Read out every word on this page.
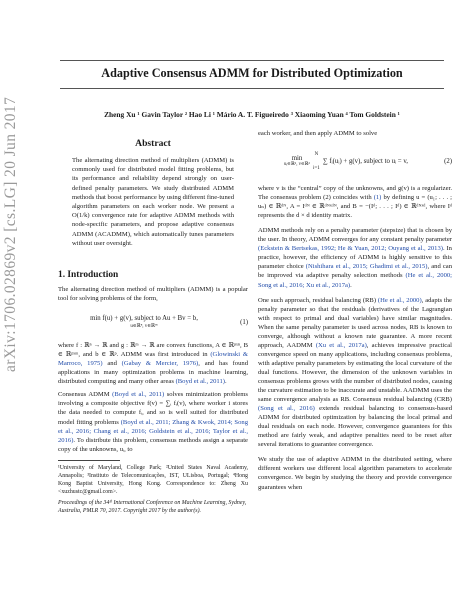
arXiv:1706.02869v2 [cs.LG] 20 Jun 2017
Adaptive Consensus ADMM for Distributed Optimization
Zheng Xu ¹ Gavin Taylor ² Hao Li ¹ Mário A. T. Figueiredo ³ Xiaoming Yuan ⁴ Tom Goldstein ¹
Abstract
The alternating direction method of multipliers (ADMM) is commonly used for distributed model fitting problems, but its performance and reliability depend strongly on user-defined penalty parameters. We study distributed ADMM methods that boost performance by using different fine-tuned algorithm parameters on each worker node. We present a O(1/k) convergence rate for adaptive ADMM methods with node-specific parameters, and propose adaptive consensus ADMM (ACADMM), which automatically tunes parameters without user oversight.
1. Introduction

The alternating direction method of multipliers (ADMM) is a popular tool for solving problems of the form,

min f(u) + g(v), subject to Au + Bv = b,
u∈ℝⁿ, v∈ℝᵐ
(1)

where f : ℝⁿ → ℝ and g : ℝᵐ → ℝ are convex functions, A ∈ ℝᵖˣⁿ, B ∈ ℝᵖˣᵐ, and b ∈ ℝᵖ. ADMM was first introduced in (Glowinski & Marroco, 1975) and (Gabay & Mercier, 1976), and has found applications in many optimization problems in machine learning, distributed computing and many other areas (Boyd et al., 2011).

Consensus ADMM (Boyd et al., 2011) solves minimization problems involving a composite objective f(v) = ∑ᵢ fᵢ(v), where worker i stores the data needed to compute fᵢ, and so is well suited for distributed model fitting problems (Boyd et al., 2011; Zhang & Kwok, 2014; Song et al., 2016; Chang et al., 2016; Goldstein et al., 2016; Taylor et al., 2016). To distribute this problem, consensus methods assign a separate copy of the unknowns, uᵢ, to

¹University of Maryland, College Park; ²United States Naval Academy, Annapolis; ³Instituto de Telecomunicações, IST, ULisboa, Portugal; ⁴Hong Kong Baptist University, Hong Kong. Correspondence to: Zheng Xu <xuzhustc@gmail.com>.
Proceedings of the 34ᵗʰ International Conference on Machine Learning, Sydney, Australia, PMLR 70, 2017. Copyright 2017 by the author(s).

each worker, and then apply ADMM to solve

min
uᵢ∈ℝᵈ, v∈ℝᵈ
N
i=1
∑ fᵢ(uᵢ) + g(v), subject to uᵢ = v,	(2)

where v is the “central” copy of the unknowns, and g(v) is a regularizer. The consensus problem (2) coincides with (1) by defining u = (u₁; . . . ; uₙ) ∈ ℝᵈᴺ, A = Iᵈᴺ ∈ ℝᵈᴺˣᵈᴺ, and B = −(Iᵈ; . . . ; Iᵈ) ∈ ℝᵈᴺˣᵈ, where Iᵈ represents the d × d identity matrix.

ADMM methods rely on a penalty parameter (stepsize) that is chosen by the user. In theory, ADMM converges for any constant penalty parameter (Eckstein & Bertsekas, 1992; He & Yuan, 2012; Ouyang et al., 2013). In practice, however, the efficiency of ADMM is highly sensitive to this parameter choice (Nishihara et al., 2015; Ghadimi et al., 2015), and can be improved via adaptive penalty selection methods (He et al., 2000; Song et al., 2016; Xu et al., 2017a).

One such approach, residual balancing (RB) (He et al., 2000), adapts the penalty parameter so that the residuals (derivatives of the Lagrangian with respect to primal and dual variables) have similar magnitudes. When the same penalty parameter is used across nodes, RB is known to converge, although without a known rate guarantee. A more recent approach, AADMM (Xu et al., 2017a), achieves impressive practical convergence speed on many applications, including consensus problems, with adaptive penalty parameters by estimating the local curvature of the dual functions. However, the dimension of the unknown variables in consensus problems grows with the number of distributed nodes, causing the curvature estimation to be inaccurate and unstable. AADMM uses the same convergence analysis as RB. Consensus residual balancing (CRB) (Song et al., 2016) extends residual balancing to consensus-based ADMM for distributed optimization by balancing the local primal and dual residuals on each node. However, convergence guarantees for this method are fairly weak, and adaptive penalties need to be reset after several iterations to guarantee convergence.

We study the use of adaptive ADMM in the distributed setting, where different workers use different local algorithm parameters to accelerate convergence. We begin by studying the theory and provide convergence guarantees when
